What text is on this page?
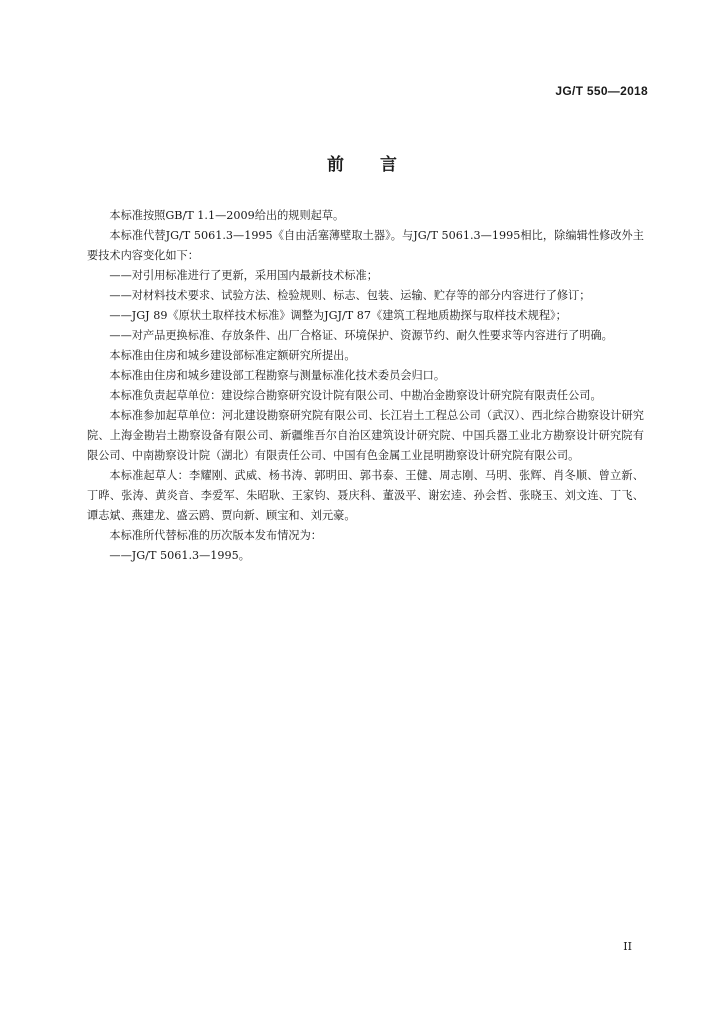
JG/T 550—2018
前 言

本标准按照GB/T 1.1—2009给出的规则起草。

本标准代替JG/T 5061.3—1995《自由活塞薄壁取土器》。与JG/T 5061.3—1995相比，除编辑性修改外主要技术内容变化如下：

——对引用标准进行了更新，采用国内最新技术标准；

——对材料技术要求、试验方法、检验规则、标志、包装、运输、贮存等的部分内容进行了修订；

——JGJ 89《原状土取样技术标准》调整为JGJ/T 87《建筑工程地质勘探与取样技术规程》；

——对产品更换标准、存放条件、出厂合格证、环境保护、资源节约、耐久性要求等内容进行了明确。

本标准由住房和城乡建设部标准定额研究所提出。

本标准由住房和城乡建设部工程勘察与测量标准化技术委员会归口。

本标准负责起草单位：建设综合勘察研究设计院有限公司、中勘冶金勘察设计研究院有限责任公司。

本标准参加起草单位：河北建设勘察研究院有限公司、长江岩土工程总公司（武汉）、西北综合勘察设计研究院、上海金勘岩土勘察设备有限公司、新疆维吾尔自治区建筑设计研究院、中国兵器工业北方勘察设计研究院有限公司、中南勘察设计院（湖北）有限责任公司、中国有色金属工业昆明勘察设计研究院有限公司。

本标准起草人：李耀刚、武威、杨书涛、郭明田、郭书泰、王健、周志刚、马明、张辉、肖冬顺、曾立新、丁晔、张涛、黄炎音、李爱军、朱昭耿、王家钧、聂庆科、董汲平、谢宏逵、孙会哲、张晓玉、刘文连、丁飞、谭志斌、燕建龙、盛云鸥、贾向新、顾宝和、刘元豪。

本标准所代替标准的历次版本发布情况为：

——JG/T 5061.3—1995。

II
